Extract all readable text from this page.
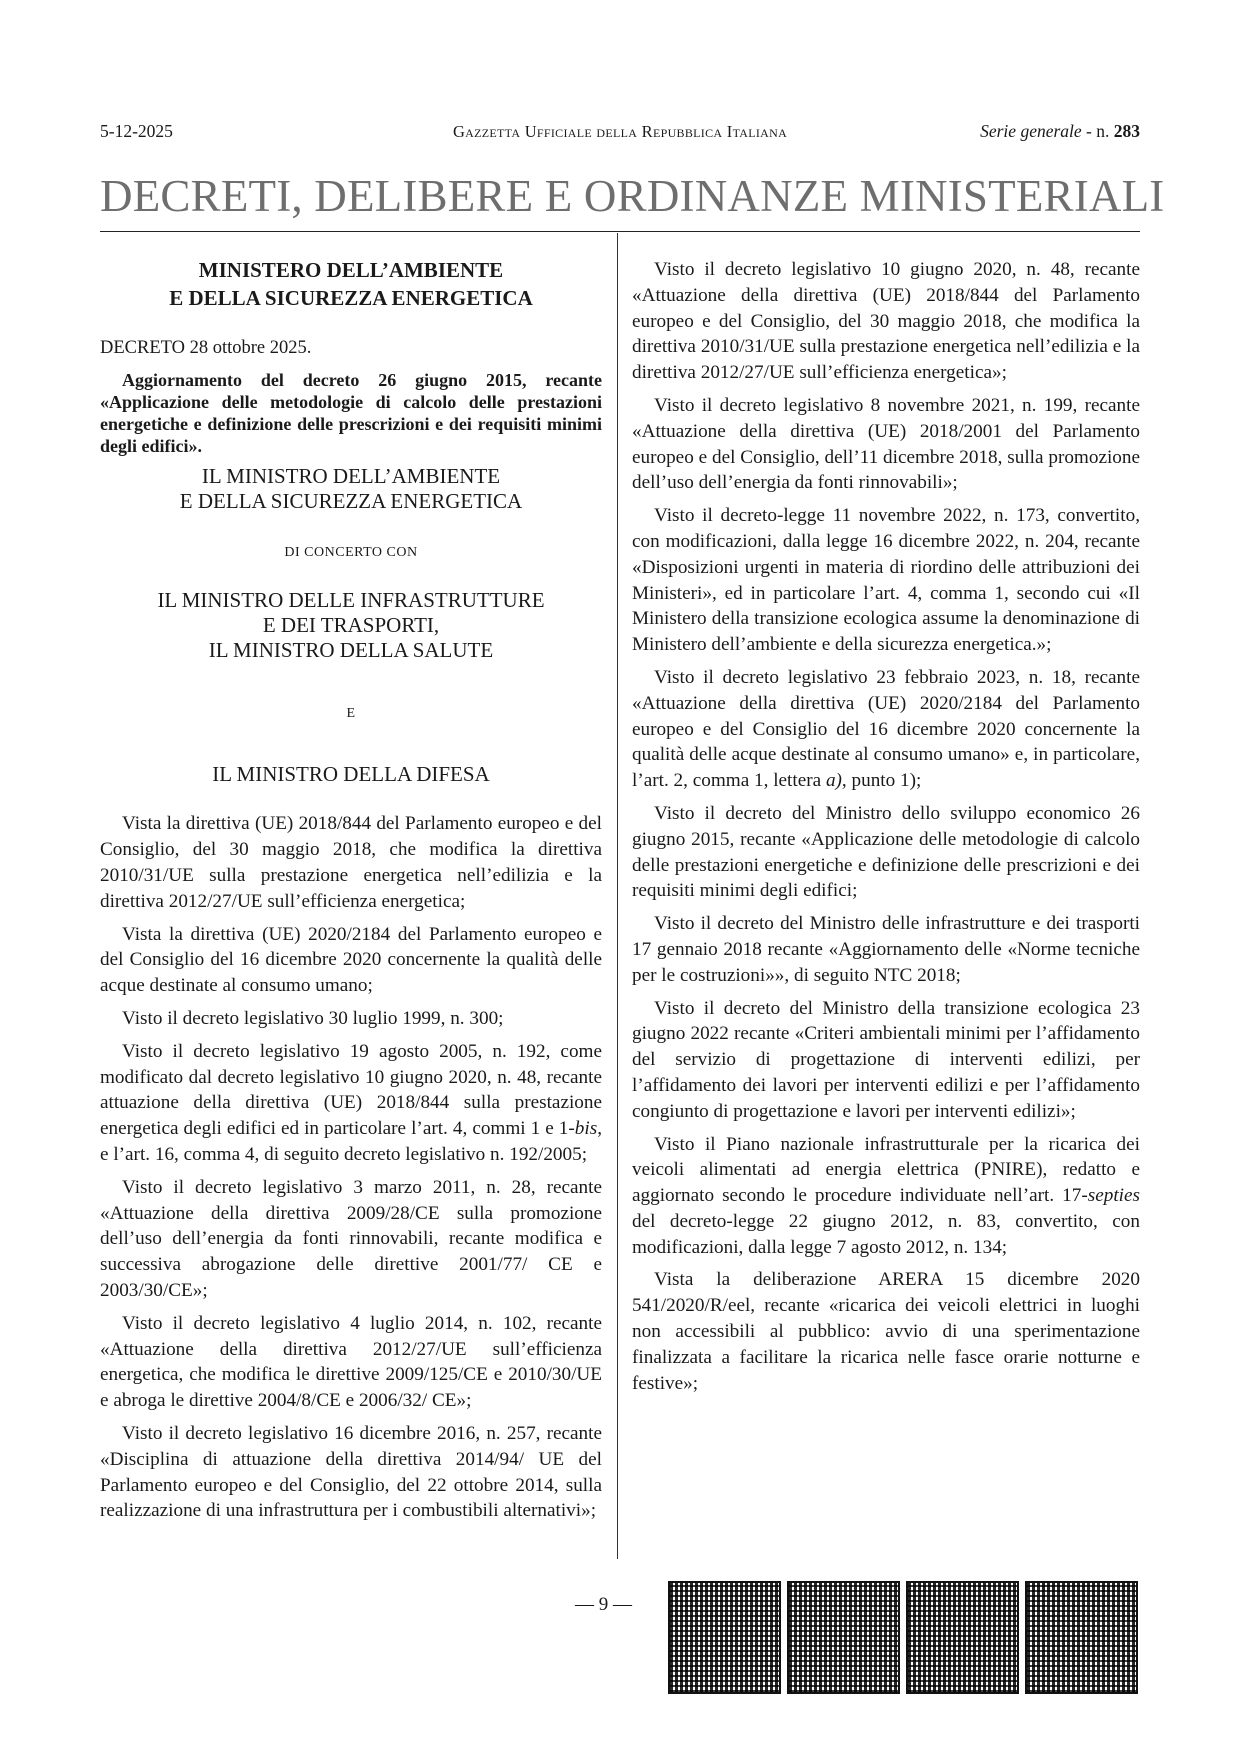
5-12-2025	Gazzetta Ufficiale della Repubblica Italiana	Serie generale - n. 283
DECRETI, DELIBERE E ORDINANZE MINISTERIALI
MINISTERO DELL’AMBIENTE
E DELLA SICUREZZA ENERGETICA

DECRETO 28 ottobre 2025.

Aggiornamento del decreto 26 giugno 2015, recante «Applicazione delle metodologie di calcolo delle prestazioni energetiche e definizione delle prescrizioni e dei requisiti minimi degli edifici».

IL MINISTRO DELL’AMBIENTE
E DELLA SICUREZZA ENERGETICA

DI CONCERTO CON

IL MINISTRO DELLE INFRASTRUTTURE
E DEI TRASPORTI,
IL MINISTRO DELLA SALUTE

E

IL MINISTRO DELLA DIFESA

Vista la direttiva (UE) 2018/844 del Parlamento europeo e del Consiglio, del 30 maggio 2018, che modifica la direttiva 2010/31/UE sulla prestazione energetica nell’edilizia e la direttiva 2012/27/UE sull’efficienza energetica;

Vista la direttiva (UE) 2020/2184 del Parlamento europeo e del Consiglio del 16 dicembre 2020 concernente la qualità delle acque destinate al consumo umano;

Visto il decreto legislativo 30 luglio 1999, n. 300;

Visto il decreto legislativo 19 agosto 2005, n. 192, come modificato dal decreto legislativo 10 giugno 2020, n. 48, recante attuazione della direttiva (UE) 2018/844 sulla prestazione energetica degli edifici ed in particolare l’art. 4, commi 1 e 1-bis, e l’art. 16, comma 4, di seguito decreto legislativo n. 192/2005;

Visto il decreto legislativo 3 marzo 2011, n. 28, recante «Attuazione della direttiva 2009/28/CE sulla promozione dell’uso dell’energia da fonti rinnovabili, recante modifica e successiva abrogazione delle direttive 2001/77/ CE e 2003/30/CE»;

Visto il decreto legislativo 4 luglio 2014, n. 102, recante «Attuazione della direttiva 2012/27/UE sull’efficienza energetica, che modifica le direttive 2009/125/CE e 2010/30/UE e abroga le direttive 2004/8/CE e 2006/32/ CE»;

Visto il decreto legislativo 16 dicembre 2016, n. 257, recante «Disciplina di attuazione della direttiva 2014/94/ UE del Parlamento europeo e del Consiglio, del 22 ottobre 2014, sulla realizzazione di una infrastruttura per i combustibili alternativi»;

Visto il decreto legislativo 10 giugno 2020, n. 48, recante «Attuazione della direttiva (UE) 2018/844 del Parlamento europeo e del Consiglio, del 30 maggio 2018, che modifica la direttiva 2010/31/UE sulla prestazione energetica nell’edilizia e la direttiva 2012/27/UE sull’efficienza energetica»;

Visto il decreto legislativo 8 novembre 2021, n. 199, recante «Attuazione della direttiva (UE) 2018/2001 del Parlamento europeo e del Consiglio, dell’11 dicembre 2018, sulla promozione dell’uso dell’energia da fonti rinnovabili»;

Visto il decreto-legge 11 novembre 2022, n. 173, convertito, con modificazioni, dalla legge 16 dicembre 2022, n. 204, recante «Disposizioni urgenti in materia di riordino delle attribuzioni dei Ministeri», ed in particolare l’art. 4, comma 1, secondo cui «Il Ministero della transizione ecologica assume la denominazione di Ministero dell’ambiente e della sicurezza energetica.»;

Visto il decreto legislativo 23 febbraio 2023, n. 18, recante «Attuazione della direttiva (UE) 2020/2184 del Parlamento europeo e del Consiglio del 16 dicembre 2020 concernente la qualità delle acque destinate al consumo umano» e, in particolare, l’art. 2, comma 1, lettera a), punto 1);

Visto il decreto del Ministro dello sviluppo economico 26 giugno 2015, recante «Applicazione delle metodologie di calcolo delle prestazioni energetiche e definizione delle prescrizioni e dei requisiti minimi degli edifici;

Visto il decreto del Ministro delle infrastrutture e dei trasporti 17 gennaio 2018 recante «Aggiornamento delle «Norme tecniche per le costruzioni»», di seguito NTC 2018;

Visto il decreto del Ministro della transizione ecologica 23 giugno 2022 recante «Criteri ambientali minimi per l’affidamento del servizio di progettazione di interventi edilizi, per l’affidamento dei lavori per interventi edilizi e per l’affidamento congiunto di progettazione e lavori per interventi edilizi»;

Visto il Piano nazionale infrastrutturale per la ricarica dei veicoli alimentati ad energia elettrica (PNIRE), redatto e aggiornato secondo le procedure individuate nell’art. 17-septies del decreto-legge 22 giugno 2012, n. 83, convertito, con modificazioni, dalla legge 7 agosto 2012, n. 134;

Vista la deliberazione ARERA 15 dicembre 2020 541/2020/R/eel, recante «ricarica dei veicoli elettrici in luoghi non accessibili al pubblico: avvio di una sperimentazione finalizzata a facilitare la ricarica nelle fasce orarie notturne e festive»;

— 9 —
